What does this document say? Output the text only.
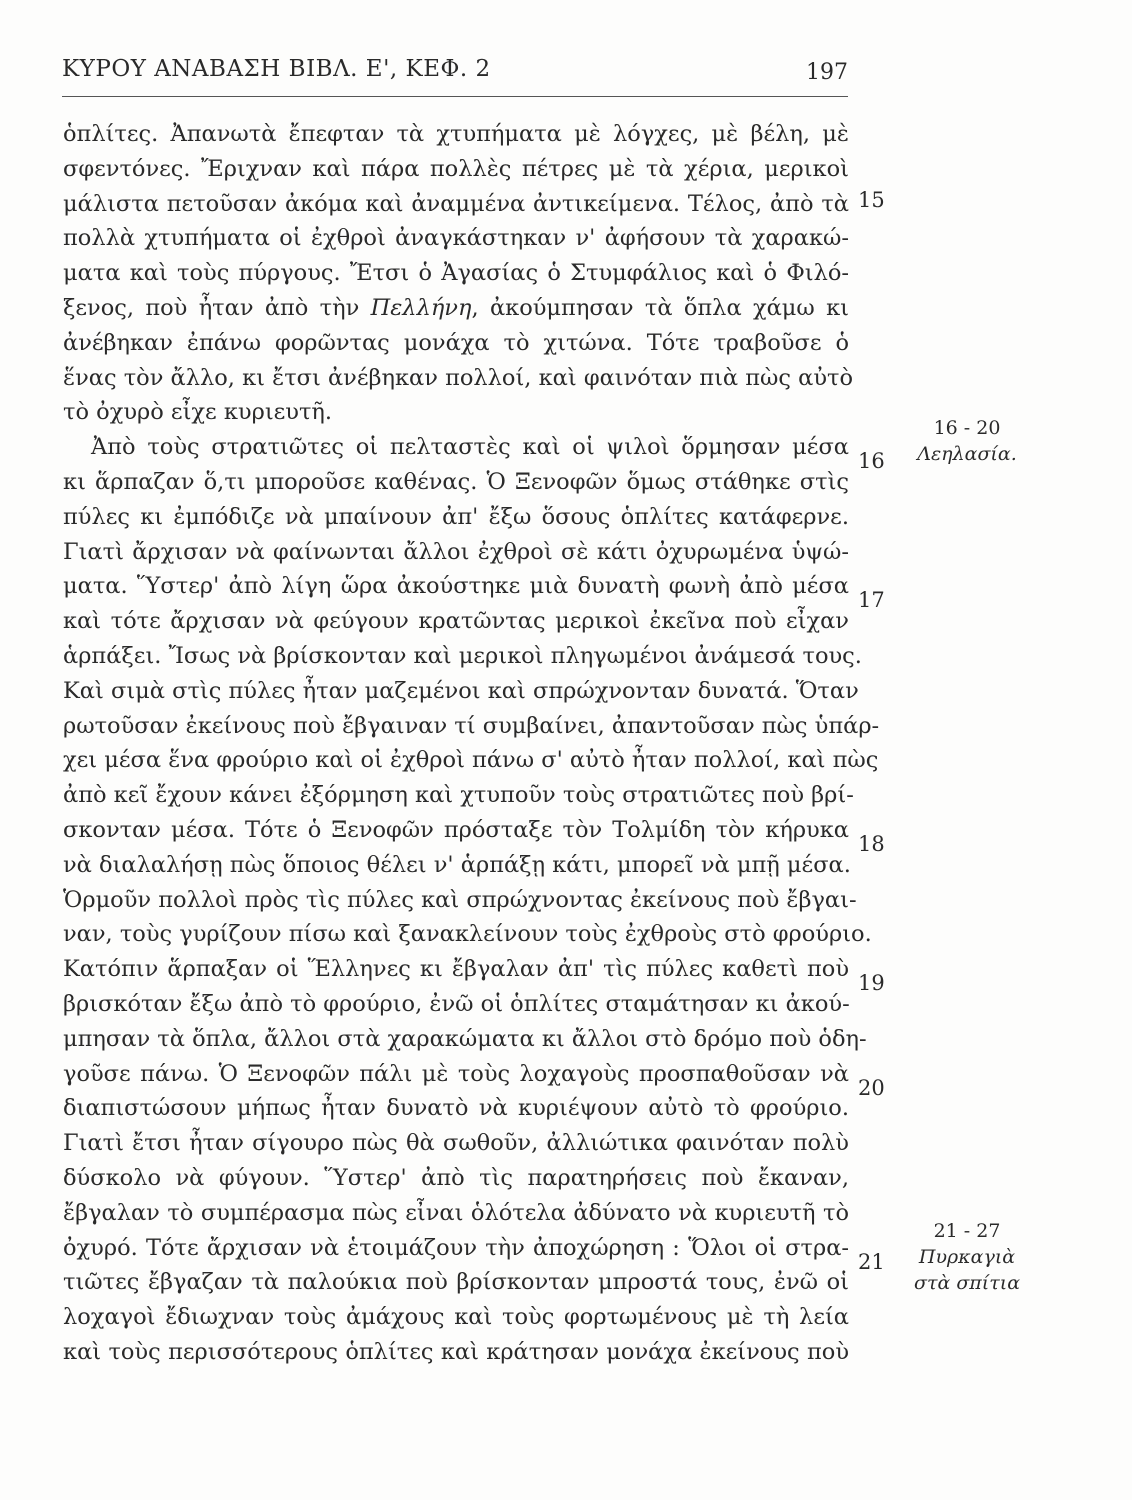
ΚΥΡΟΥ ΑΝΑΒΑΣΗ ΒΙΒΛ. Ε', ΚΕΦ. 2	197
ὁπλίτες. Ἀπανωτὰ ἔπεφταν τὰ χτυπήματα μὲ λόγχες, μὲ βέλη, μὲ
σφεντόνες. Ἔριχναν καὶ πάρα πολλὲς πέτρες μὲ τὰ χέρια, μερικοὶ
μάλιστα πετοῦσαν ἀκόμα καὶ ἀναμμένα ἀντικείμενα. Τέλος, ἀπὸ τὰ
πολλὰ χτυπήματα οἱ ἐχθροὶ ἀναγκάστηκαν ν' ἀφήσουν τὰ χαρακώ-
ματα καὶ τοὺς πύργους. Ἔτσι ὁ Ἀγασίας ὁ Στυμφάλιος καὶ ὁ Φιλό-
ξενος, ποὺ ἦταν ἀπὸ τὴν Πελλήνη, ἀκούμπησαν τὰ ὅπλα χάμω κι
ἀνέβηκαν ἐπάνω φορῶντας μονάχα τὸ χιτώνα. Τότε τραβοῦσε ὁ
ἕνας τὸν ἄλλο, κι ἔτσι ἀνέβηκαν πολλοί, καὶ φαινόταν πιὰ πὼς αὐτὸ
τὸ ὀχυρὸ εἶχε κυριευτῆ.
Ἀπὸ τοὺς στρατιῶτες οἱ πελταστὲς καὶ οἱ ψιλοὶ ὅρμησαν μέσα
κι ἅρπαζαν ὅ,τι μποροῦσε καθένας. Ὁ Ξενοφῶν ὅμως στάθηκε στὶς
πύλες κι ἐμπόδιζε νὰ μπαίνουν ἀπ' ἔξω ὅσους ὁπλίτες κατάφερνε.
Γιατὶ ἄρχισαν νὰ φαίνωνται ἄλλοι ἐχθροὶ σὲ κάτι ὀχυρωμένα ὑψώ-
ματα. Ὕστερ' ἀπὸ λίγη ὥρα ἀκούστηκε μιὰ δυνατὴ φωνὴ ἀπὸ μέσα
καὶ τότε ἄρχισαν νὰ φεύγουν κρατῶντας μερικοὶ ἐκεῖνα ποὺ εἶχαν
ἁρπάξει. Ἴσως νὰ βρίσκονταν καὶ μερικοὶ πληγωμένοι ἀνάμεσά τους.
Καὶ σιμὰ στὶς πύλες ἦταν μαζεμένοι καὶ σπρώχνονταν δυνατά. Ὅταν
ρωτοῦσαν ἐκείνους ποὺ ἔβγαιναν τί συμβαίνει, ἀπαντοῦσαν πὼς ὑπάρ-
χει μέσα ἕνα φρούριο καὶ οἱ ἐχθροὶ πάνω σ' αὐτὸ ἦταν πολλοί, καὶ πὼς
ἀπὸ κεῖ ἔχουν κάνει ἐξόρμηση καὶ χτυποῦν τοὺς στρατιῶτες ποὺ βρί-
σκονταν μέσα. Τότε ὁ Ξενοφῶν πρόσταξε τὸν Τολμίδη τὸν κήρυκα
νὰ διαλαλήσῃ πὼς ὅποιος θέλει ν' ἁρπάξῃ κάτι, μπορεῖ νὰ μπῇ μέσα.
Ὁρμοῦν πολλοὶ πρὸς τὶς πύλες καὶ σπρώχνοντας ἐκείνους ποὺ ἔβγαι-
ναν, τοὺς γυρίζουν πίσω καὶ ξανακλείνουν τοὺς ἐχθροὺς στὸ φρούριο.
Κατόπιν ἅρπαξαν οἱ Ἕλληνες κι ἔβγαλαν ἀπ' τὶς πύλες καθετὶ ποὺ
βρισκόταν ἔξω ἀπὸ τὸ φρούριο, ἐνῶ οἱ ὁπλίτες σταμάτησαν κι ἀκού-
μπησαν τὰ ὅπλα, ἄλλοι στὰ χαρακώματα κι ἄλλοι στὸ δρόμο ποὺ ὁδη-
γοῦσε πάνω. Ὁ Ξενοφῶν πάλι μὲ τοὺς λοχαγοὺς προσπαθοῦσαν νὰ
διαπιστώσουν μήπως ἦταν δυνατὸ νὰ κυριέψουν αὐτὸ τὸ φρούριο.
Γιατὶ ἔτσι ἦταν σίγουρο πὼς θὰ σωθοῦν, ἀλλιώτικα φαινόταν πολὺ
δύσκολο νὰ φύγουν. Ὕστερ' ἀπὸ τὶς παρατηρήσεις ποὺ ἔκαναν,
ἔβγαλαν τὸ συμπέρασμα πὼς εἶναι ὁλότελα ἀδύνατο νὰ κυριευτῆ τὸ
ὀχυρό. Τότε ἄρχισαν νὰ ἑτοιμάζουν τὴν ἀποχώρηση : Ὅλοι οἱ στρα-
τιῶτες ἔβγαζαν τὰ παλούκια ποὺ βρίσκονταν μπροστά τους, ἐνῶ οἱ
λοχαγοὶ ἔδιωχναν τοὺς ἀμάχους καὶ τοὺς φορτωμένους μὲ τὴ λεία
καὶ τοὺς περισσότερους ὁπλίτες καὶ κράτησαν μονάχα ἐκείνους ποὺ
15
16
17
18
19
20
21
16 - 20
Λεηλασία.
21 - 27
Πυρκαγιὰ στὰ σπίτια
